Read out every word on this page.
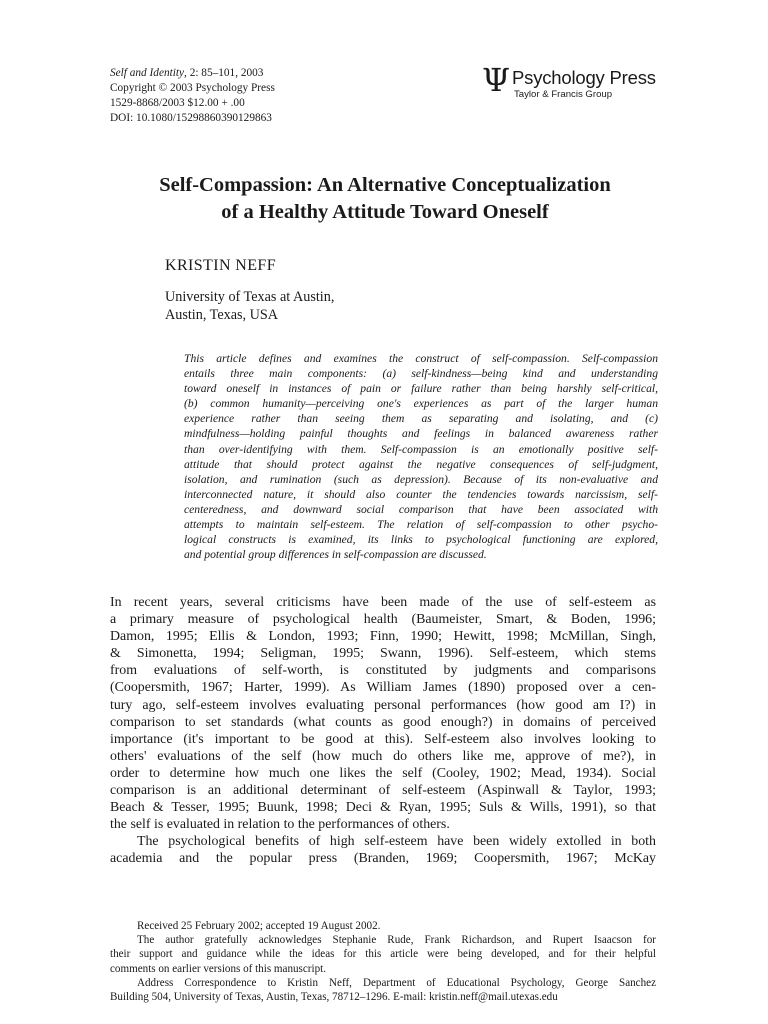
Self and Identity, 2: 85–101, 2003
Copyright © 2003 Psychology Press
1529-8868/2003 $12.00 + .00
DOI: 10.1080/15298860390129863
Ψ Psychology Press
Taylor & Francis Group
Self-Compassion: An Alternative Conceptualization
of a Healthy Attitude Toward Oneself
KRISTIN NEFF
University of Texas at Austin,
Austin, Texas, USA
This article defines and examines the construct of self-compassion. Self-compassion
entails three main components: (a) self-kindness—being kind and understanding
toward oneself in instances of pain or failure rather than being harshly self-critical,
(b) common humanity—perceiving one's experiences as part of the larger human
experience rather than seeing them as separating and isolating, and (c)
mindfulness—holding painful thoughts and feelings in balanced awareness rather
than over-identifying with them. Self-compassion is an emotionally positive self-
attitude that should protect against the negative consequences of self-judgment,
isolation, and rumination (such as depression). Because of its non-evaluative and
interconnected nature, it should also counter the tendencies towards narcissism, self-
centeredness, and downward social comparison that have been associated with
attempts to maintain self-esteem. The relation of self-compassion to other psycho-
logical constructs is examined, its links to psychological functioning are explored,
and potential group differences in self-compassion are discussed.
In recent years, several criticisms have been made of the use of self-esteem as
a primary measure of psychological health (Baumeister, Smart, & Boden, 1996;
Damon, 1995; Ellis & London, 1993; Finn, 1990; Hewitt, 1998; McMillan, Singh,
& Simonetta, 1994; Seligman, 1995; Swann, 1996). Self-esteem, which stems
from evaluations of self-worth, is constituted by judgments and comparisons
(Coopersmith, 1967; Harter, 1999). As William James (1890) proposed over a cen-
tury ago, self-esteem involves evaluating personal performances (how good am I?) in
comparison to set standards (what counts as good enough?) in domains of perceived
importance (it's important to be good at this). Self-esteem also involves looking to
others' evaluations of the self (how much do others like me, approve of me?), in
order to determine how much one likes the self (Cooley, 1902; Mead, 1934). Social
comparison is an additional determinant of self-esteem (Aspinwall & Taylor, 1993;
Beach & Tesser, 1995; Buunk, 1998; Deci & Ryan, 1995; Suls & Wills, 1991), so that
the self is evaluated in relation to the performances of others.
The psychological benefits of high self-esteem have been widely extolled in both
academia and the popular press (Branden, 1969; Coopersmith, 1967; McKay
Received 25 February 2002; accepted 19 August 2002.
The author gratefully acknowledges Stephanie Rude, Frank Richardson, and Rupert Isaacson for
their support and guidance while the ideas for this article were being developed, and for their helpful
comments on earlier versions of this manuscript.
Address Correspondence to Kristin Neff, Department of Educational Psychology, George Sanchez
Building 504, University of Texas, Austin, Texas, 78712–1296. E-mail: kristin.neff@mail.utexas.edu
